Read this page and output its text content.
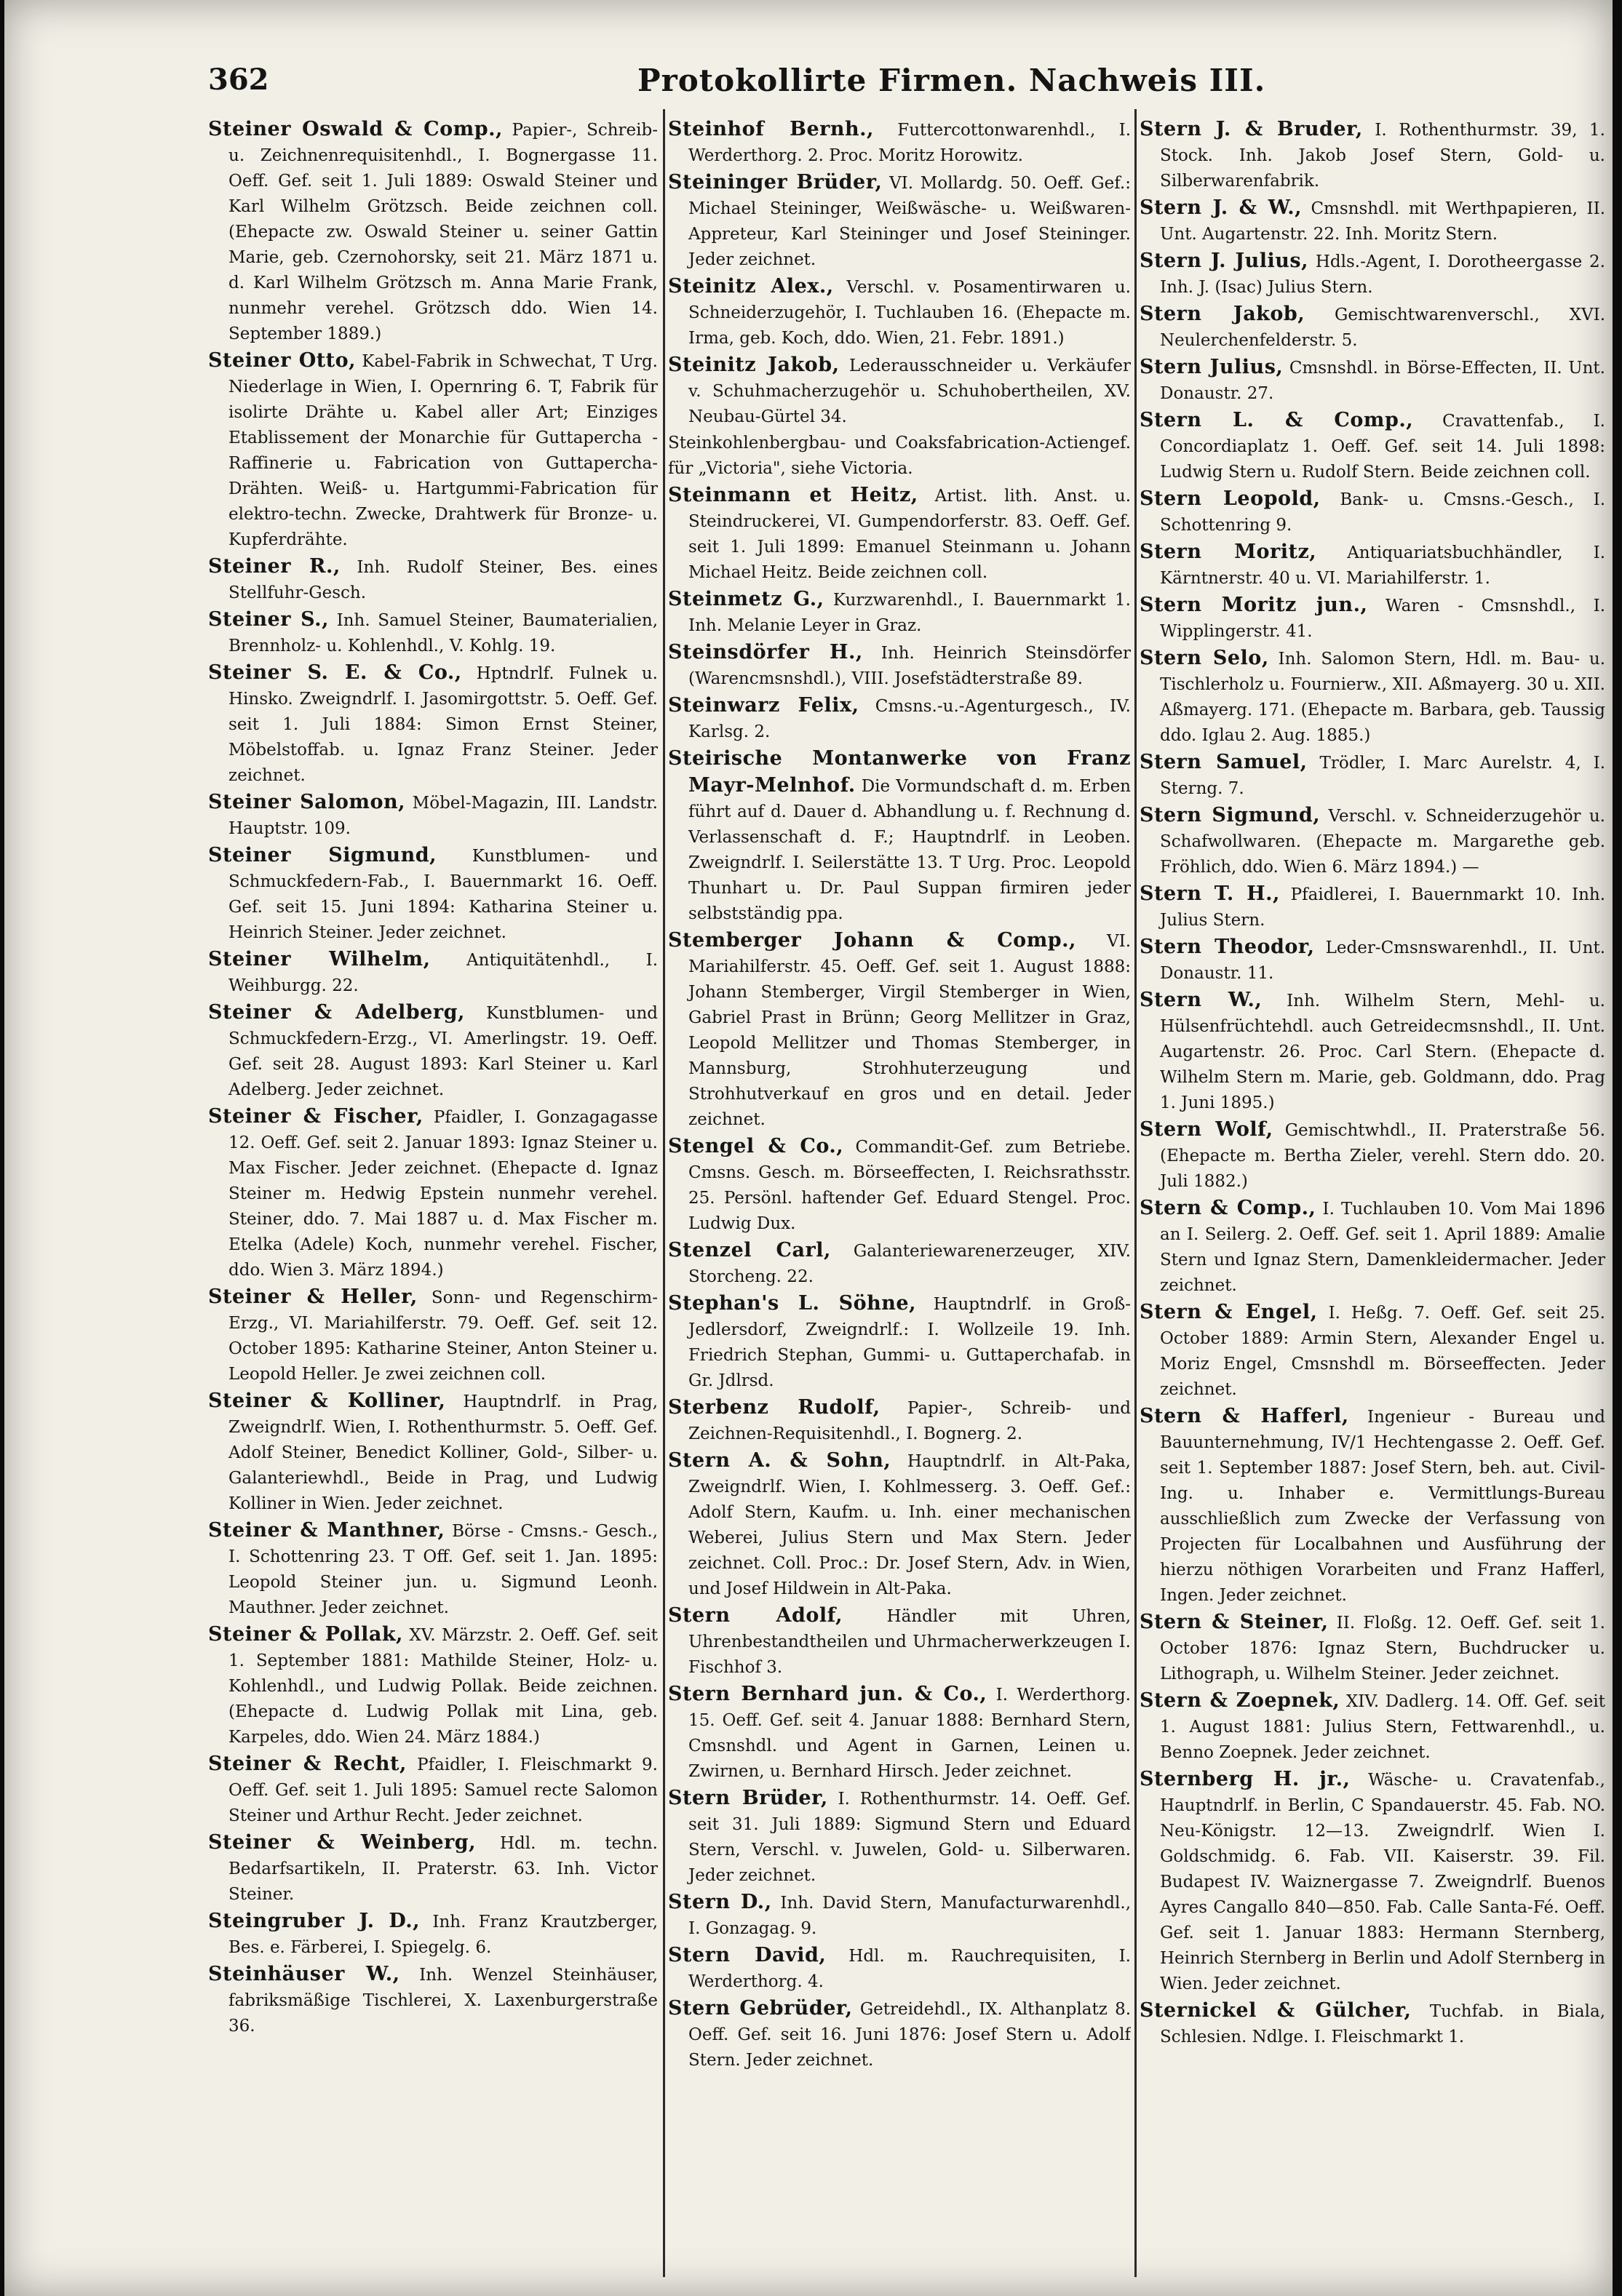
362	Protokollirte Firmen. Nachweis III.

Steiner Oswald & Comp., Papier-, Schreib- u. Zeichnenrequisitenhdl., I. Bognergasse 11. Oeff. Gef. seit 1. Juli 1889: Oswald Steiner und Karl Wilhelm Grötzsch. Beide zeichnen coll. (Ehepacte zw. Oswald Steiner u. seiner Gattin Marie, geb. Czernohorsky, seit 21. März 1871 u. d. Karl Wilhelm Grötzsch m. Anna Marie Frank, nunmehr verehel. Grötzsch ddo. Wien 14. September 1889.)

Steiner Otto, Kabel-Fabrik in Schwechat, T Urg. Niederlage in Wien, I. Opernring 6. T, Fabrik für isolirte Drähte u. Kabel aller Art; Einziges Etablissement der Monarchie für Guttapercha - Raffinerie u. Fabrication von Guttapercha-Drähten. Weiß- u. Hartgummi-Fabrication für elektro-techn. Zwecke, Drahtwerk für Bronze- u. Kupferdrähte.

Steiner R., Inh. Rudolf Steiner, Bes. eines Stellfuhr-Gesch.

Steiner S., Inh. Samuel Steiner, Baumaterialien, Brennholz- u. Kohlenhdl., V. Kohlg. 19.

Steiner S. E. & Co., Hptndrlf. Fulnek u. Hinsko. Zweigndrlf. I. Jasomirgottstr. 5. Oeff. Gef. seit 1. Juli 1884: Simon Ernst Steiner, Möbelstoffab. u. Ignaz Franz Steiner. Jeder zeichnet.

Steiner Salomon, Möbel-Magazin, III. Landstr. Hauptstr. 109.

Steiner Sigmund, Kunstblumen- und Schmuckfedern-Fab., I. Bauernmarkt 16. Oeff. Gef. seit 15. Juni 1894: Katharina Steiner u. Heinrich Steiner. Jeder zeichnet.

Steiner Wilhelm, Antiquitätenhdl., I. Weihburgg. 22.

Steiner & Adelberg, Kunstblumen- und Schmuckfedern-Erzg., VI. Amerlingstr. 19. Oeff. Gef. seit 28. August 1893: Karl Steiner u. Karl Adelberg. Jeder zeichnet.

Steiner & Fischer, Pfaidler, I. Gonzagagasse 12. Oeff. Gef. seit 2. Januar 1893: Ignaz Steiner u. Max Fischer. Jeder zeichnet. (Ehepacte d. Ignaz Steiner m. Hedwig Epstein nunmehr verehel. Steiner, ddo. 7. Mai 1887 u. d. Max Fischer m. Etelka (Adele) Koch, nunmehr verehel. Fischer, ddo. Wien 3. März 1894.)

Steiner & Heller, Sonn- und Regenschirm-Erzg., VI. Mariahilferstr. 79. Oeff. Gef. seit 12. October 1895: Katharine Steiner, Anton Steiner u. Leopold Heller. Je zwei zeichnen coll.

Steiner & Kolliner, Hauptndrlf. in Prag, Zweigndrlf. Wien, I. Rothenthurmstr. 5. Oeff. Gef. Adolf Steiner, Benedict Kolliner, Gold-, Silber- u. Galanteriewhdl., Beide in Prag, und Ludwig Kolliner in Wien. Jeder zeichnet.

Steiner & Manthner, Börse - Cmsns.- Gesch., I. Schottenring 23. T Off. Gef. seit 1. Jan. 1895: Leopold Steiner jun. u. Sigmund Leonh. Mauthner. Jeder zeichnet.

Steiner & Pollak, XV. Märzstr. 2. Oeff. Gef. seit 1. September 1881: Mathilde Steiner, Holz- u. Kohlenhdl., und Ludwig Pollak. Beide zeichnen. (Ehepacte d. Ludwig Pollak mit Lina, geb. Karpeles, ddo. Wien 24. März 1884.)

Steiner & Recht, Pfaidler, I. Fleischmarkt 9. Oeff. Gef. seit 1. Juli 1895: Samuel recte Salomon Steiner und Arthur Recht. Jeder zeichnet.

Steiner & Weinberg, Hdl. m. techn. Bedarfsartikeln, II. Praterstr. 63. Inh. Victor Steiner.

Steingruber J. D., Inh. Franz Krautzberger, Bes. e. Färberei, I. Spiegelg. 6.

Steinhäuser W., Inh. Wenzel Steinhäuser, fabriksmäßige Tischlerei, X. Laxenburgerstraße 36.

Steinhof Bernh., Futtercottonwarenhdl., I. Werderthorg. 2. Proc. Moritz Horowitz.

Steininger Brüder, VI. Mollardg. 50. Oeff. Gef.: Michael Steininger, Weißwäsche- u. Weißwaren-Appreteur, Karl Steininger und Josef Steininger. Jeder zeichnet.

Steinitz Alex., Verschl. v. Posamentirwaren u. Schneiderzugehör, I. Tuchlauben 16. (Ehepacte m. Irma, geb. Koch, ddo. Wien, 21. Febr. 1891.)

Steinitz Jakob, Lederausschneider u. Verkäufer v. Schuhmacherzugehör u. Schuhobertheilen, XV. Neubau-Gürtel 34.

Steinkohlenbergbau- und Coaksfabrication-Actiengef. für „Victoria", siehe Victoria.

Steinmann et Heitz, Artist. lith. Anst. u. Steindruckerei, VI. Gumpendorferstr. 83. Oeff. Gef. seit 1. Juli 1899: Emanuel Steinmann u. Johann Michael Heitz. Beide zeichnen coll.

Steinmetz G., Kurzwarenhdl., I. Bauernmarkt 1. Inh. Melanie Leyer in Graz.

Steinsdörfer H., Inh. Heinrich Steinsdörfer (Warencmsnshdl.), VIII. Josefstädterstraße 89.

Steinwarz Felix, Cmsns.-u.-Agenturgesch., IV. Karlsg. 2.

Steirische Montanwerke von Franz Mayr-Melnhof. Die Vormundschaft d. m. Erben führt auf d. Dauer d. Abhandlung u. f. Rechnung d. Verlassenschaft d. F.; Hauptndrlf. in Leoben. Zweigndrlf. I. Seilerstätte 13. T Urg. Proc. Leopold Thunhart u. Dr. Paul Suppan firmiren jeder selbstständig ppa.

Stemberger Johann & Comp., VI. Mariahilferstr. 45. Oeff. Gef. seit 1. August 1888: Johann Stemberger, Virgil Stemberger in Wien, Gabriel Prast in Brünn; Georg Mellitzer in Graz, Leopold Mellitzer und Thomas Stemberger, in Mannsburg, Strohhuterzeugung und Strohhutverkauf en gros und en detail. Jeder zeichnet.

Stengel & Co., Commandit-Gef. zum Betriebe. Cmsns. Gesch. m. Börseeffecten, I. Reichsrathsstr. 25. Persönl. haftender Gef. Eduard Stengel. Proc. Ludwig Dux.

Stenzel Carl, Galanteriewarenerzeuger, XIV. Storcheng. 22.

Stephan's L. Söhne, Hauptndrlf. in Groß-Jedlersdorf, Zweigndrlf.: I. Wollzeile 19. Inh. Friedrich Stephan, Gummi- u. Guttaperchafab. in Gr. Jdlrsd.

Sterbenz Rudolf, Papier-, Schreib- und Zeichnen-Requisitenhdl., I. Bognerg. 2.

Stern A. & Sohn, Hauptndrlf. in Alt-Paka, Zweigndrlf. Wien, I. Kohlmesserg. 3. Oeff. Gef.: Adolf Stern, Kaufm. u. Inh. einer mechanischen Weberei, Julius Stern und Max Stern. Jeder zeichnet. Coll. Proc.: Dr. Josef Stern, Adv. in Wien, und Josef Hildwein in Alt-Paka.

Stern Adolf,	Händler mit Uhren, Uhrenbestandtheilen und Uhrmacherwerkzeugen I. Fischhof 3.

Stern Bernhard jun. & Co., I. Werderthorg. 15. Oeff. Gef. seit 4. Januar 1888: Bernhard Stern, Cmsnshdl. und Agent in Garnen, Leinen u. Zwirnen, u. Bernhard Hirsch. Jeder zeichnet.

Stern Brüder, I. Rothenthurmstr. 14. Oeff. Gef. seit 31. Juli 1889: Sigmund Stern und Eduard Stern, Verschl. v. Juwelen, Gold- u. Silberwaren. Jeder zeichnet.

Stern D., Inh. David Stern, Manufacturwarenhdl., I. Gonzagag. 9.

Stern David, Hdl. m. Rauchrequisiten, I. Werderthorg. 4.

Stern Gebrüder, Getreidehdl., IX. Althanplatz 8. Oeff. Gef. seit 16. Juni 1876: Josef Stern u. Adolf Stern. Jeder zeichnet.

Stern J. & Bruder, I. Rothenthurmstr. 39, 1. Stock. Inh. Jakob Josef Stern, Gold- u. Silberwarenfabrik.

Stern J. & W., Cmsnshdl. mit Werthpapieren, II. Unt. Augartenstr. 22. Inh. Moritz Stern.

Stern J. Julius, Hdls.-Agent, I. Dorotheergasse 2. Inh. J. (Isac) Julius Stern.

Stern Jakob, Gemischtwarenverschl., XVI. Neulerchenfelderstr. 5.

Stern Julius, Cmsnshdl. in Börse-Effecten, II. Unt. Donaustr. 27.

Stern L. & Comp., Cravattenfab., I. Concordiaplatz 1. Oeff. Gef. seit 14. Juli 1898: Ludwig Stern u. Rudolf Stern. Beide zeichnen coll.

Stern Leopold, Bank- u. Cmsns.-Gesch., I. Schottenring 9.

Stern Moritz, Antiquariatsbuchhändler, I. Kärntnerstr. 40 u. VI. Mariahilferstr. 1.

Stern Moritz jun., Waren - Cmsnshdl., I. Wipplingerstr. 41.

Stern Selo, Inh. Salomon Stern, Hdl. m. Bau- u. Tischlerholz u. Fournierw., XII. Aßmayerg. 30 u. XII. Aßmayerg. 171. (Ehepacte m. Barbara, geb. Taussig ddo. Iglau 2. Aug. 1885.)

Stern Samuel, Trödler, I. Marc Aurelstr. 4, I. Sterng. 7.

Stern Sigmund, Verschl. v. Schneiderzugehör u. Schafwollwaren. (Ehepacte m. Margarethe geb. Fröhlich, ddo. Wien 6. März 1894.) —

Stern T. H., Pfaidlerei, I. Bauernmarkt 10. Inh. Julius Stern.

Stern Theodor, Leder-Cmsnswarenhdl., II. Unt. Donaustr. 11.

Stern W., Inh. Wilhelm Stern, Mehl- u. Hülsenfrüchtehdl. auch Getreidecmsnshdl., II. Unt. Augartenstr. 26. Proc. Carl Stern. (Ehepacte d. Wilhelm Stern m. Marie, geb. Goldmann, ddo. Prag 1. Juni 1895.)

Stern Wolf, Gemischtwhdl., II. Praterstraße 56. (Ehepacte m. Bertha Zieler, verehl. Stern ddo. 20. Juli 1882.)

Stern & Comp., I. Tuchlauben 10. Vom Mai 1896 an I. Seilerg. 2. Oeff. Gef. seit 1. April 1889: Amalie Stern und Ignaz Stern, Damenkleidermacher. Jeder zeichnet.

Stern & Engel, I. Heßg. 7. Oeff. Gef. seit 25. October 1889: Armin Stern, Alexander Engel u. Moriz Engel, Cmsnshdl m. Börseeffecten. Jeder zeichnet.

Stern & Hafferl, Ingenieur - Bureau und Bauunternehmung, IV/1 Hechtengasse 2. Oeff. Gef. seit 1. September 1887: Josef Stern, beh. aut. Civil-Ing. u. Inhaber e. Vermittlungs-Bureau ausschließlich zum Zwecke der Verfassung von Projecten für Localbahnen und Ausführung der hierzu nöthigen Vorarbeiten und Franz Hafferl, Ingen. Jeder zeichnet.

Stern & Steiner, II. Floßg. 12. Oeff. Gef. seit 1. October 1876: Ignaz Stern, Buchdrucker u. Lithograph, u. Wilhelm Steiner. Jeder zeichnet.

Stern & Zoepnek, XIV. Dadlerg. 14. Off. Gef. seit 1. August 1881: Julius Stern, Fettwarenhdl., u. Benno Zoepnek. Jeder zeichnet.

Sternberg H. jr., Wäsche- u. Cravatenfab., Hauptndrlf. in Berlin, C Spandauerstr. 45. Fab. NO. Neu-Königstr. 12—13. Zweigndrlf. Wien I. Goldschmidg. 6. Fab. VII. Kaiserstr. 39. Fil. Budapest IV. Waiznergasse 7. Zweigndrlf. Buenos Ayres Cangallo 840—850. Fab. Calle Santa-Fé. Oeff. Gef. seit 1. Januar 1883: Hermann Sternberg, Heinrich Sternberg in Berlin und Adolf Sternberg in Wien. Jeder zeichnet.

Sternickel & Gülcher, Tuchfab. in Biala, Schlesien. Ndlge. I. Fleischmarkt 1.
